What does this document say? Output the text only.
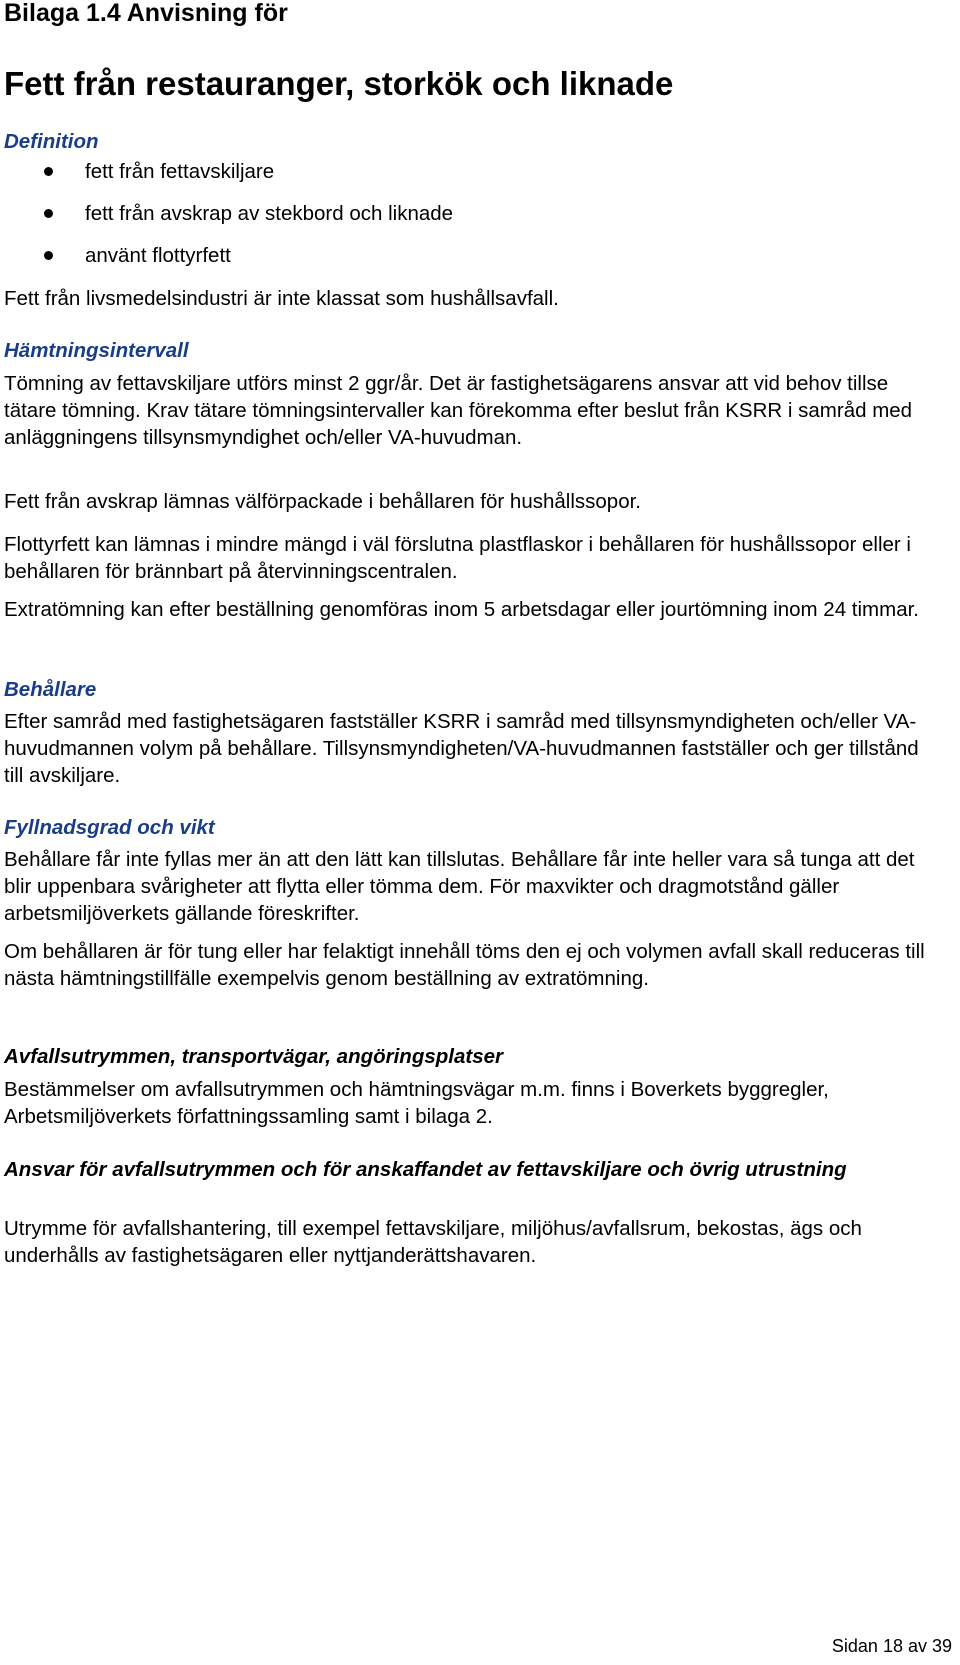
Bilaga 1.4 Anvisning för

Fett från restauranger, storkök och liknade
Definition
fett från fettavskiljare
fett från avskrap av stekbord och liknade
använt flottyrfett

Fett från livsmedelsindustri är inte klassat som hushållsavfall.

Hämtningsintervall

Tömning av fettavskiljare utförs minst 2 ggr/år. Det är fastighetsägarens ansvar att vid behov tillse tätare tömning. Krav tätare tömningsintervaller kan förekomma efter beslut från KSRR i samråd med anläggningens tillsynsmyndighet och/eller VA-huvudman.

Fett från avskrap lämnas välförpackade i behållaren för hushållssopor.

Flottyrfett kan lämnas i mindre mängd i väl förslutna plastflaskor i behållaren för hushållssopor eller i behållaren för brännbart på återvinningscentralen.

Extratömning kan efter beställning genomföras inom 5 arbetsdagar eller jourtömning inom 24 timmar.

Behållare

Efter samråd med fastighetsägaren fastställer KSRR i samråd med tillsynsmyndigheten och/eller VA-huvudmannen volym på behållare. Tillsynsmyndigheten/VA-huvudmannen fastställer och ger tillstånd till avskiljare.

Fyllnadsgrad och vikt

Behållare får inte fyllas mer än att den lätt kan tillslutas. Behållare får inte heller vara så tunga att det blir uppenbara svårigheter att flytta eller tömma dem. För maxvikter och dragmotstånd gäller arbetsmiljöverkets gällande föreskrifter.

Om behållaren är för tung eller har felaktigt innehåll töms den ej och volymen avfall skall reduceras till nästa hämtningstillfälle exempelvis genom beställning av extratömning.

Avfallsutrymmen, transportvägar, angöringsplatser

Bestämmelser om avfallsutrymmen och hämtningsvägar m.m. finns i Boverkets byggregler, Arbetsmiljöverkets författningssamling samt i bilaga 2.

Ansvar för avfallsutrymmen och för anskaffandet av fettavskiljare och övrig utrustning

Utrymme för avfallshantering, till exempel fettavskiljare, miljöhus/avfallsrum, bekostas, ägs och underhålls av fastighetsägaren eller nyttjanderättshavaren.

Sidan 18 av 39
